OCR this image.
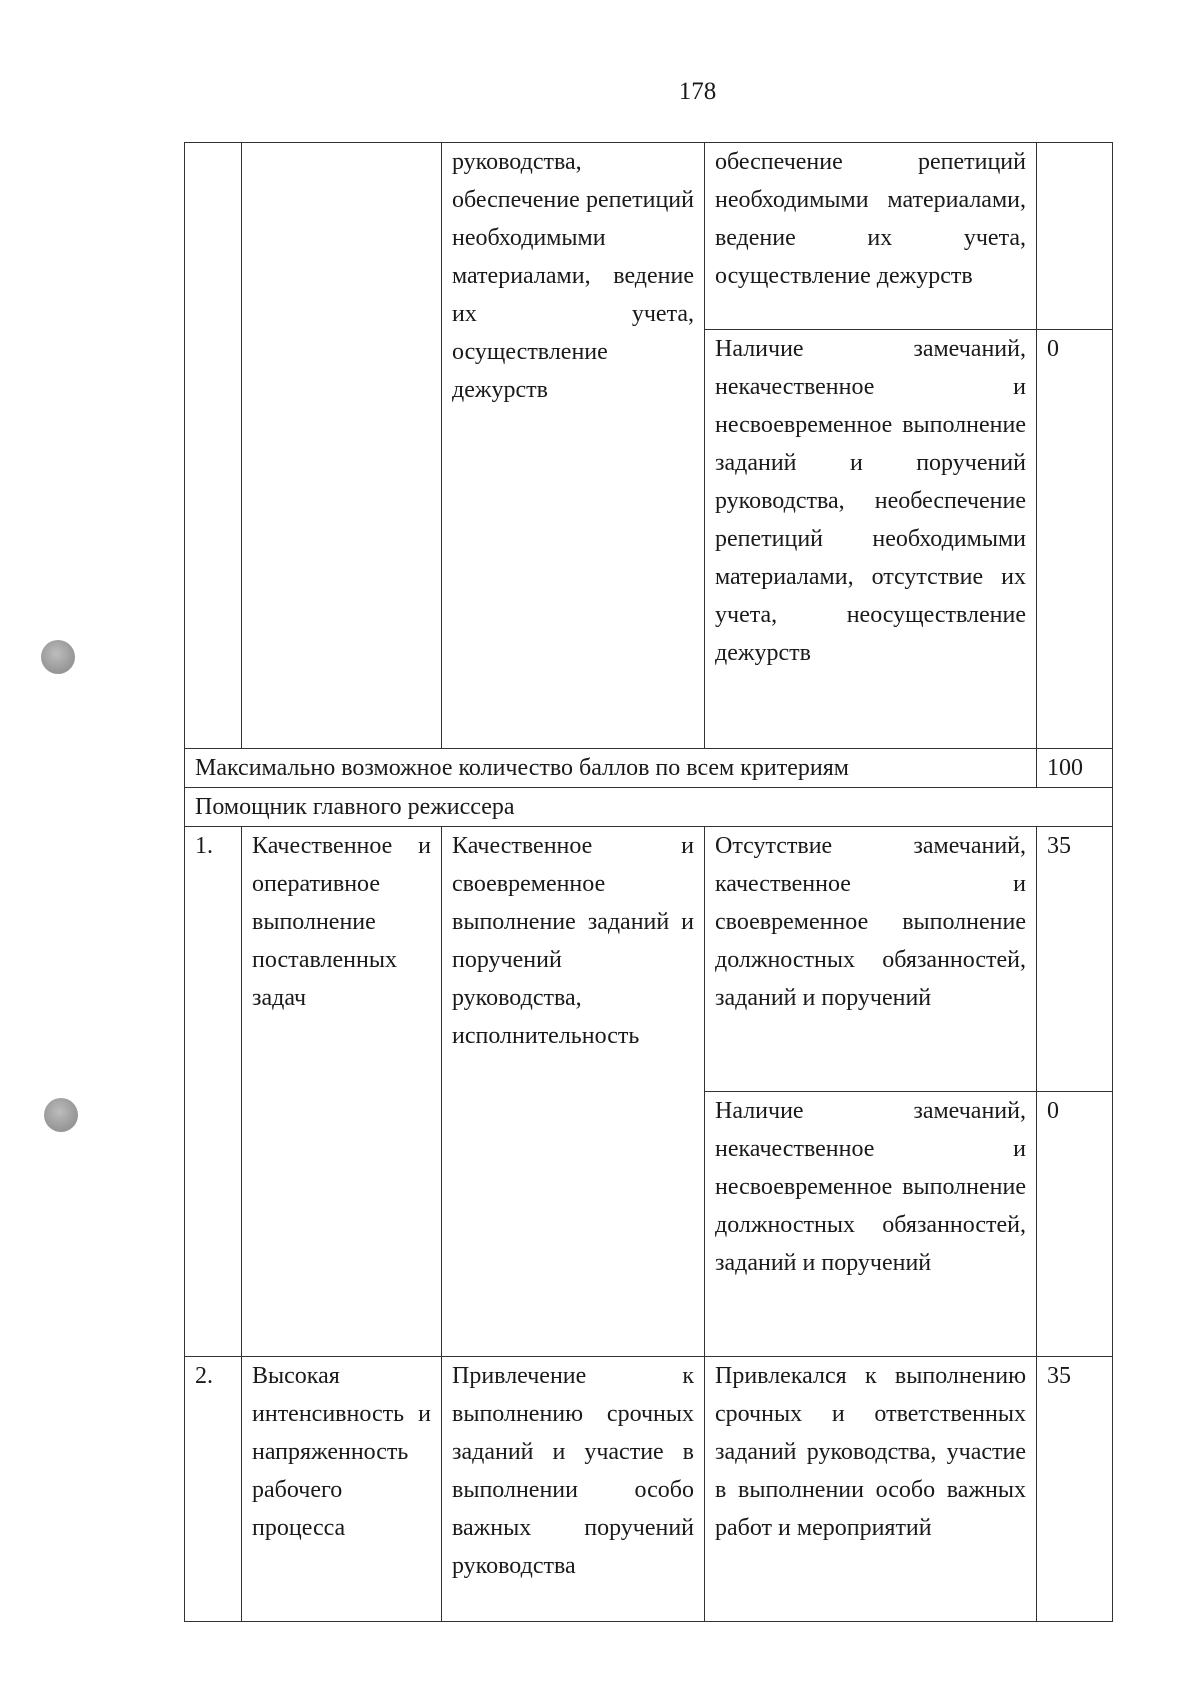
178
		руководства, обеспечение репетиций необходимыми материалами, ведение их учета, осуществление дежурств	обеспечение репетиций необходимыми материалами, ведение их учета, осуществление дежурств	
			Наличие замечаний, некачественное и несвоевременное выполнение заданий и поручений руководства, необеспечение репетиций необходимыми материалами, отсутствие их учета, неосуществление дежурств	0
Максимально возможное количество баллов по всем критериям				100
Помощник главного режиссера				
1.	Качественное и оперативное выполнение поставленных задач	Качественное и своевременное выполнение заданий и поручений руководства, исполнительность	Отсутствие замечаний, качественное и своевременное выполнение должностных обязанностей, заданий и поручений	35
			Наличие замечаний, некачественное и несвоевременное выполнение должностных обязанностей, заданий и поручений	0
2.	Высокая интенсивность и напряженность рабочего процесса	Привлечение к выполнению срочных заданий и участие в выполнении особо важных поручений руководства	Привлекался к выполнению срочных и ответственных заданий руководства, участие в выполнении особо важных работ и мероприятий	35
